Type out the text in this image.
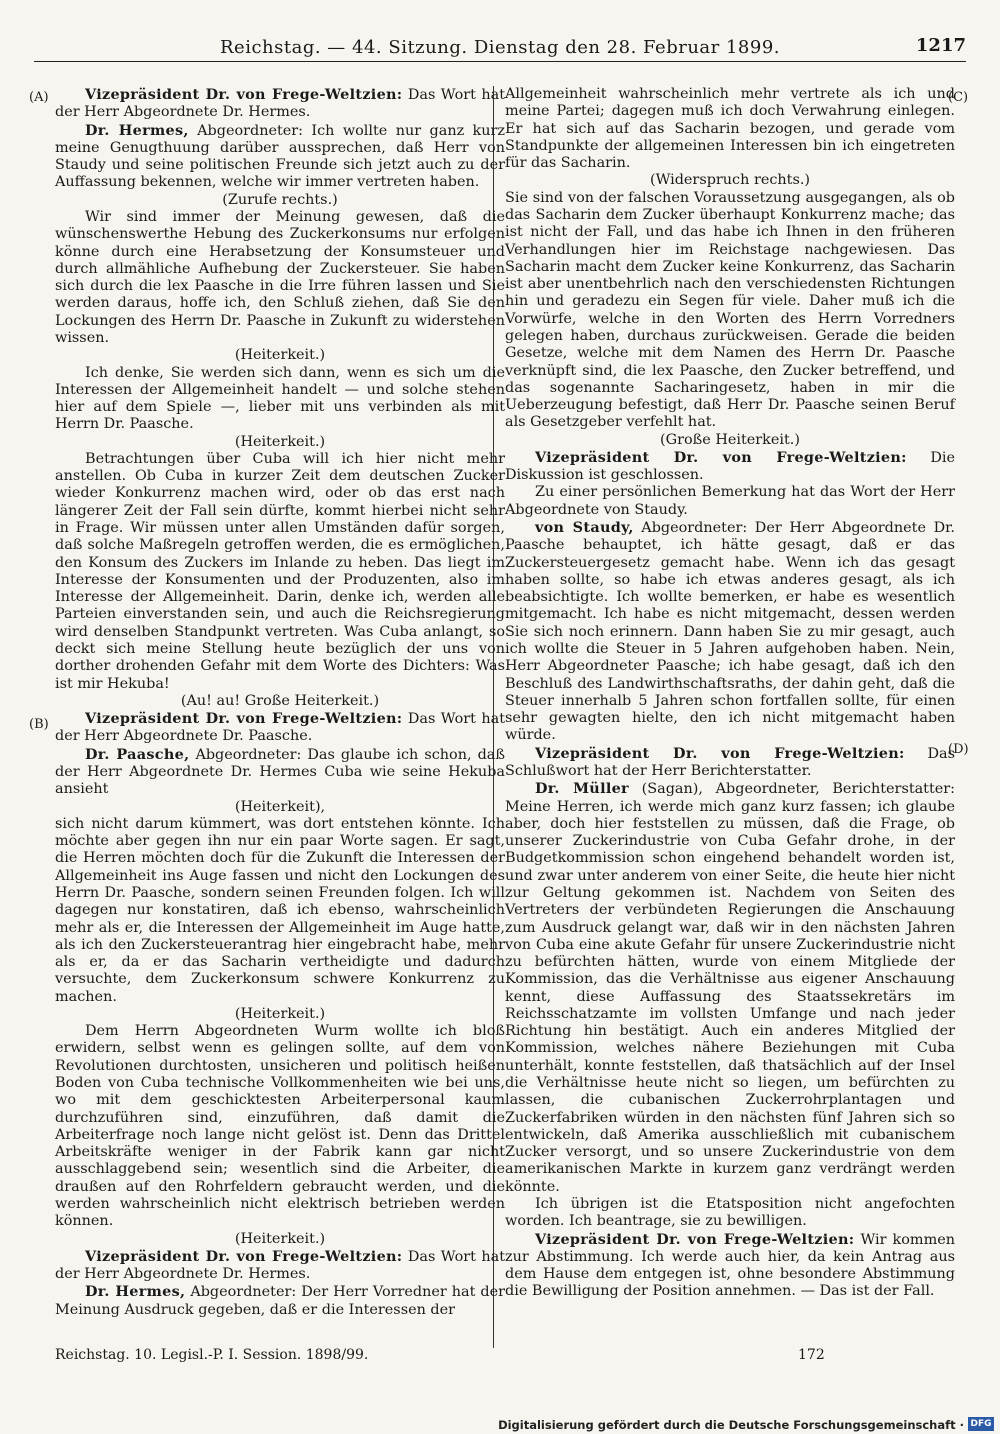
Reichstag. — 44. Sitzung. Dienstag den 28. Februar 1899.	1217
(A)
(B)
(C)
(D)

Vizepräsident Dr. von Frege-Weltzien: Das Wort hat der Herr Abgeordnete Dr. Hermes.

Dr. Hermes, Abgeordneter: Ich wollte nur ganz kurz meine Genugthuung darüber aussprechen, daß Herr von Staudy und seine politischen Freunde sich jetzt auch zu der Auffassung bekennen, welche wir immer vertreten haben.

(Zurufe rechts.)

Wir sind immer der Meinung gewesen, daß die wünschenswerthe Hebung des Zuckerkonsums nur erfolgen könne durch eine Herabsetzung der Konsumsteuer und durch allmähliche Aufhebung der Zuckersteuer. Sie haben sich durch die lex Paasche in die Irre führen lassen und Sie werden daraus, hoffe ich, den Schluß ziehen, daß Sie den Lockungen des Herrn Dr. Paasche in Zukunft zu widerstehen wissen.

(Heiterkeit.)

Ich denke, Sie werden sich dann, wenn es sich um die Interessen der Allgemeinheit handelt — und solche stehen hier auf dem Spiele —, lieber mit uns verbinden als mit Herrn Dr. Paasche.

(Heiterkeit.)

Betrachtungen über Cuba will ich hier nicht mehr anstellen. Ob Cuba in kurzer Zeit dem deutschen Zucker wieder Konkurrenz machen wird, oder ob das erst nach längerer Zeit der Fall sein dürfte, kommt hierbei nicht sehr in Frage. Wir müssen unter allen Umständen dafür sorgen, daß solche Maßregeln getroffen werden, die es ermöglichen, den Konsum des Zuckers im Inlande zu heben. Das liegt im Interesse der Konsumenten und der Produzenten, also im Interesse der Allgemeinheit. Darin, denke ich, werden alle Parteien einverstanden sein, und auch die Reichsregierung wird denselben Standpunkt vertreten. Was Cuba anlangt, so deckt sich meine Stellung heute bezüglich der uns von dorther drohenden Gefahr mit dem Worte des Dichters: Was ist mir Hekuba!

(Au! au! Große Heiterkeit.)

Vizepräsident Dr. von Frege-Weltzien: Das Wort hat der Herr Abgeordnete Dr. Paasche.

Dr. Paasche, Abgeordneter: Das glaube ich schon, daß der Herr Abgeordnete Dr. Hermes Cuba wie seine Hekuba ansieht

(Heiterkeit),

sich nicht darum kümmert, was dort entstehen könnte. Ich möchte aber gegen ihn nur ein paar Worte sagen. Er sagt, die Herren möchten doch für die Zukunft die Interessen der Allgemeinheit ins Auge fassen und nicht den Lockungen des Herrn Dr. Paasche, sondern seinen Freunden folgen. Ich will dagegen nur konstatiren, daß ich ebenso, wahrscheinlich mehr als er, die Interessen der Allgemeinheit im Auge hatte, als ich den Zuckersteuerantrag hier eingebracht habe, mehr als er, da er das Sacharin vertheidigte und dadurch versuchte, dem Zuckerkonsum schwere Konkurrenz zu machen.

(Heiterkeit.)

Dem Herrn Abgeordneten Wurm wollte ich bloß erwidern, selbst wenn es gelingen sollte, auf dem von Revolutionen durchtosten, unsicheren und politisch heißen Boden von Cuba technische Vollkommenheiten wie bei uns, wo mit dem geschicktesten Arbeiterpersonal kaum durchzuführen sind, einzuführen, daß damit die Arbeiterfrage noch lange nicht gelöst ist. Denn das Drittel Arbeitskräfte weniger in der Fabrik kann gar nicht ausschlaggebend sein; wesentlich sind die Arbeiter, die draußen auf den Rohrfeldern gebraucht werden, und die werden wahrscheinlich nicht elektrisch betrieben werden können.

(Heiterkeit.)

Vizepräsident Dr. von Frege-Weltzien: Das Wort hat der Herr Abgeordnete Dr. Hermes.

Dr. Hermes, Abgeordneter: Der Herr Vorredner hat der Meinung Ausdruck gegeben, daß er die Interessen der

Allgemeinheit wahrscheinlich mehr vertrete als ich und meine Partei; dagegen muß ich doch Verwahrung einlegen. Er hat sich auf das Sacharin bezogen, und gerade vom Standpunkte der allgemeinen Interessen bin ich eingetreten für das Sacharin.

(Widerspruch rechts.)

Sie sind von der falschen Voraussetzung ausgegangen, als ob das Sacharin dem Zucker überhaupt Konkurrenz mache; das ist nicht der Fall, und das habe ich Ihnen in den früheren Verhandlungen hier im Reichstage nachgewiesen. Das Sacharin macht dem Zucker keine Konkurrenz, das Sacharin ist aber unentbehrlich nach den verschiedensten Richtungen hin und geradezu ein Segen für viele. Daher muß ich die Vorwürfe, welche in den Worten des Herrn Vorredners gelegen haben, durchaus zurückweisen. Gerade die beiden Gesetze, welche mit dem Namen des Herrn Dr. Paasche verknüpft sind, die lex Paasche, den Zucker betreffend, und das sogenannte Sacharingesetz, haben in mir die Ueberzeugung befestigt, daß Herr Dr. Paasche seinen Beruf als Gesetzgeber verfehlt hat.

(Große Heiterkeit.)

Vizepräsident Dr. von Frege-Weltzien: Die Diskussion ist geschlossen.

Zu einer persönlichen Bemerkung hat das Wort der Herr Abgeordnete von Staudy.

von Staudy, Abgeordneter: Der Herr Abgeordnete Dr. Paasche behauptet, ich hätte gesagt, daß er das Zuckersteuergesetz gemacht habe. Wenn ich das gesagt haben sollte, so habe ich etwas anderes gesagt, als ich beabsichtigte. Ich wollte bemerken, er habe es wesentlich mitgemacht. Ich habe es nicht mitgemacht, dessen werden Sie sich noch erinnern. Dann haben Sie zu mir gesagt, auch ich wollte die Steuer in 5 Jahren aufgehoben haben. Nein, Herr Abgeordneter Paasche; ich habe gesagt, daß ich den Beschluß des Landwirthschaftsraths, der dahin geht, daß die Steuer innerhalb 5 Jahren schon fortfallen sollte, für einen sehr gewagten hielte, den ich nicht mitgemacht haben würde.

Vizepräsident Dr. von Frege-Weltzien: Das Schlußwort hat der Herr Berichterstatter.

Dr. Müller (Sagan), Abgeordneter, Berichterstatter: Meine Herren, ich werde mich ganz kurz fassen; ich glaube aber, doch hier feststellen zu müssen, daß die Frage, ob unserer Zuckerindustrie von Cuba Gefahr drohe, in der Budgetkommission schon eingehend behandelt worden ist, und zwar unter anderem von einer Seite, die heute hier nicht zur Geltung gekommen ist. Nachdem von Seiten des Vertreters der verbündeten Regierungen die Anschauung zum Ausdruck gelangt war, daß wir in den nächsten Jahren von Cuba eine akute Gefahr für unsere Zuckerindustrie nicht zu befürchten hätten, wurde von einem Mitgliede der Kommission, das die Verhältnisse aus eigener Anschauung kennt, diese Auffassung des Staatssekretärs im Reichsschatzamte im vollsten Umfange und nach jeder Richtung hin bestätigt. Auch ein anderes Mitglied der Kommission, welches nähere Beziehungen mit Cuba unterhält, konnte feststellen, daß thatsächlich auf der Insel die Verhältnisse heute nicht so liegen, um befürchten zu lassen, die cubanischen Zuckerrohrplantagen und Zuckerfabriken würden in den nächsten fünf Jahren sich so entwickeln, daß Amerika ausschließlich mit cubanischem Zucker versorgt, und so unsere Zuckerindustrie von dem amerikanischen Markte in kurzem ganz verdrängt werden könnte.

Ich übrigen ist die Etatsposition nicht angefochten worden. Ich beantrage, sie zu bewilligen.

Vizepräsident Dr. von Frege-Weltzien: Wir kommen zur Abstimmung. Ich werde auch hier, da kein Antrag aus dem Hause dem entgegen ist, ohne besondere Abstimmung die Bewilligung der Position annehmen. — Das ist der Fall.

Reichstag. 10. Legisl.-P. I. Session. 1898/99.	172
Digitalisierung gefördert durch die Deutsche Forschungsgemeinschaft · DFG
